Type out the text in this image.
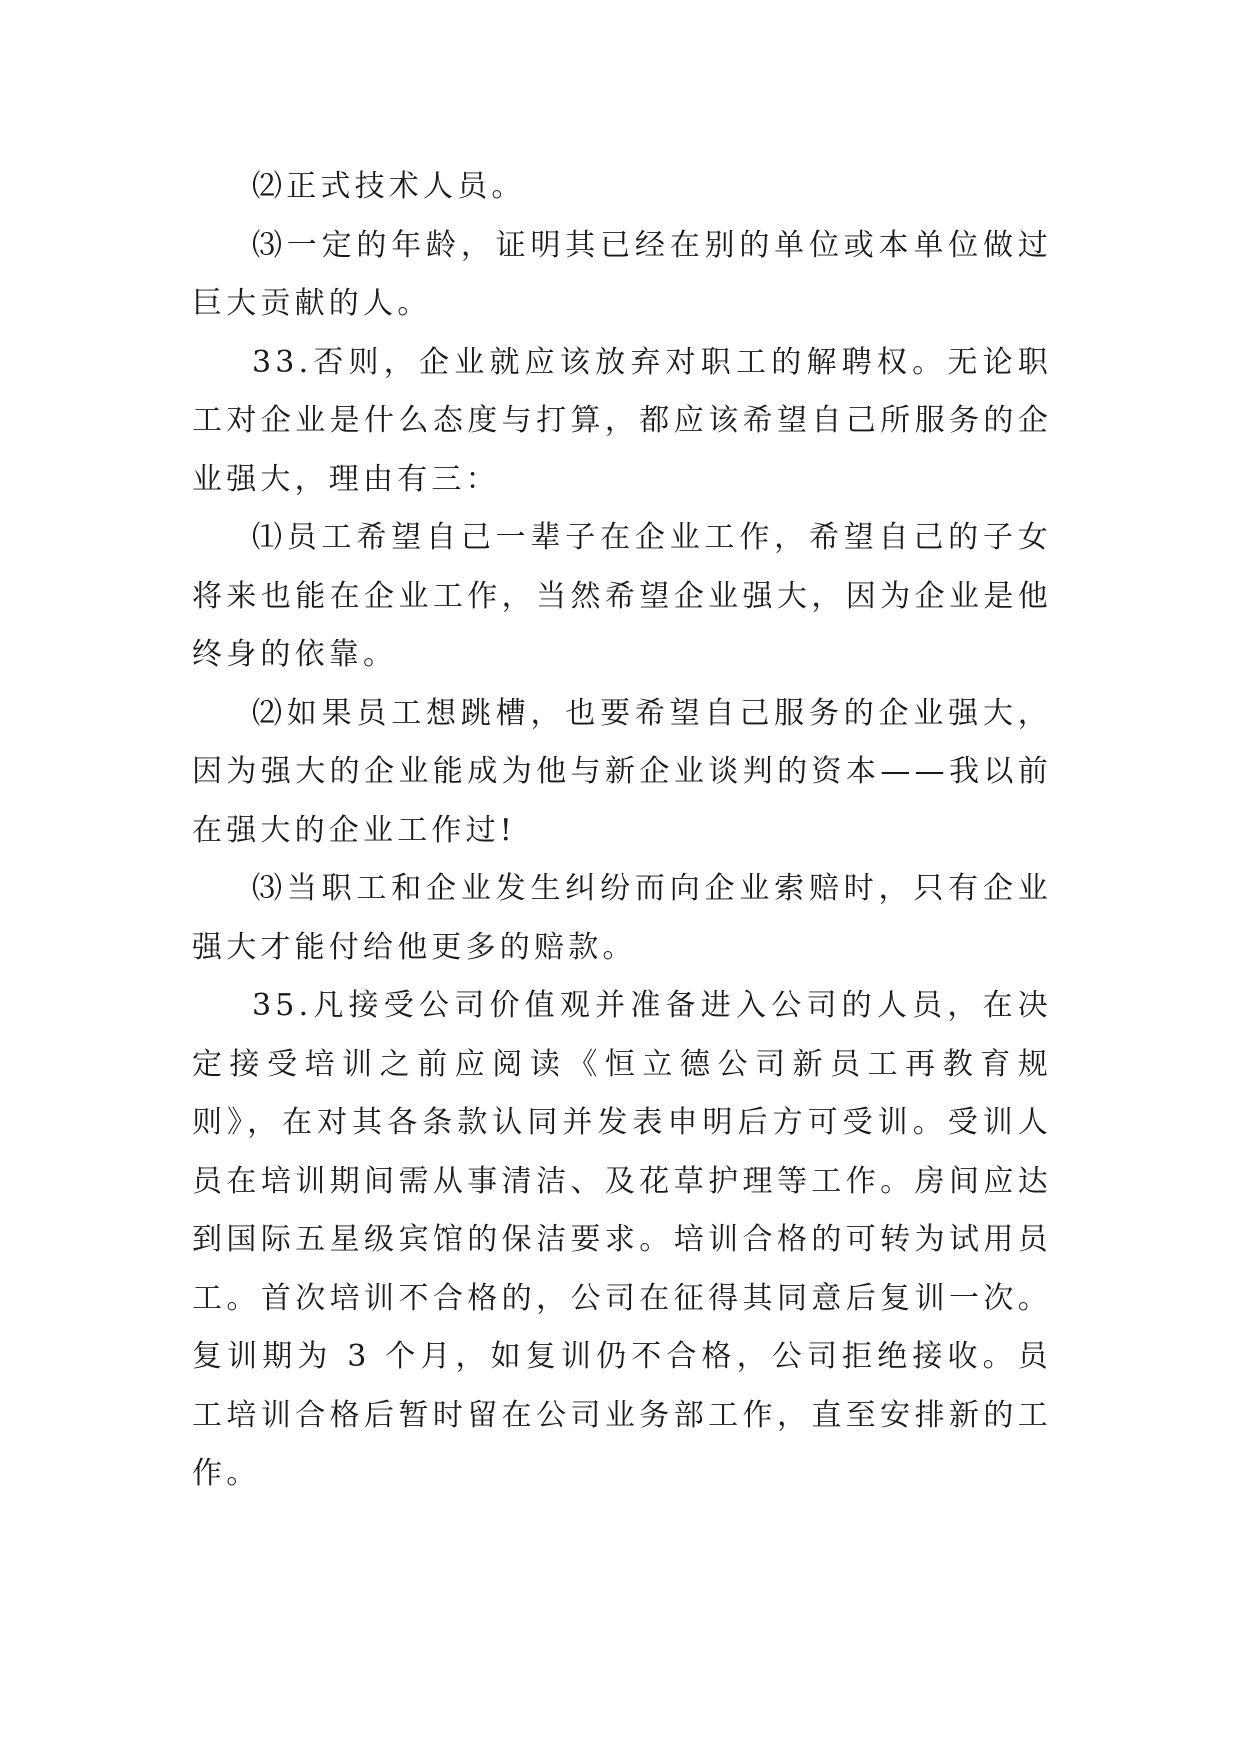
⑵正式技术人员。

⑶一定的年龄，证明其已经在别的单位或本单位做过巨大贡献的人。

33.否则，企业就应该放弃对职工的解聘权。无论职工对企业是什么态度与打算，都应该希望自己所服务的企业强大，理由有三：

⑴员工希望自己一辈子在企业工作，希望自己的子女将来也能在企业工作，当然希望企业强大，因为企业是他终身的依靠。

⑵如果员工想跳槽，也要希望自己服务的企业强大，因为强大的企业能成为他与新企业谈判的资本——我以前在强大的企业工作过!

⑶当职工和企业发生纠纷而向企业索赔时，只有企业强大才能付给他更多的赔款。

35.凡接受公司价值观并准备进入公司的人员，在决定接受培训之前应阅读《恒立德公司新员工再教育规则》，在对其各条款认同并发表申明后方可受训。受训人员在培训期间需从事清洁、及花草护理等工作。房间应达到国际五星级宾馆的保洁要求。培训合格的可转为试用员工。首次培训不合格的，公司在征得其同意后复训一次。复训期为 3 个月，如复训仍不合格，公司拒绝接收。员工培训合格后暂时留在公司业务部工作，直至安排新的工作。
